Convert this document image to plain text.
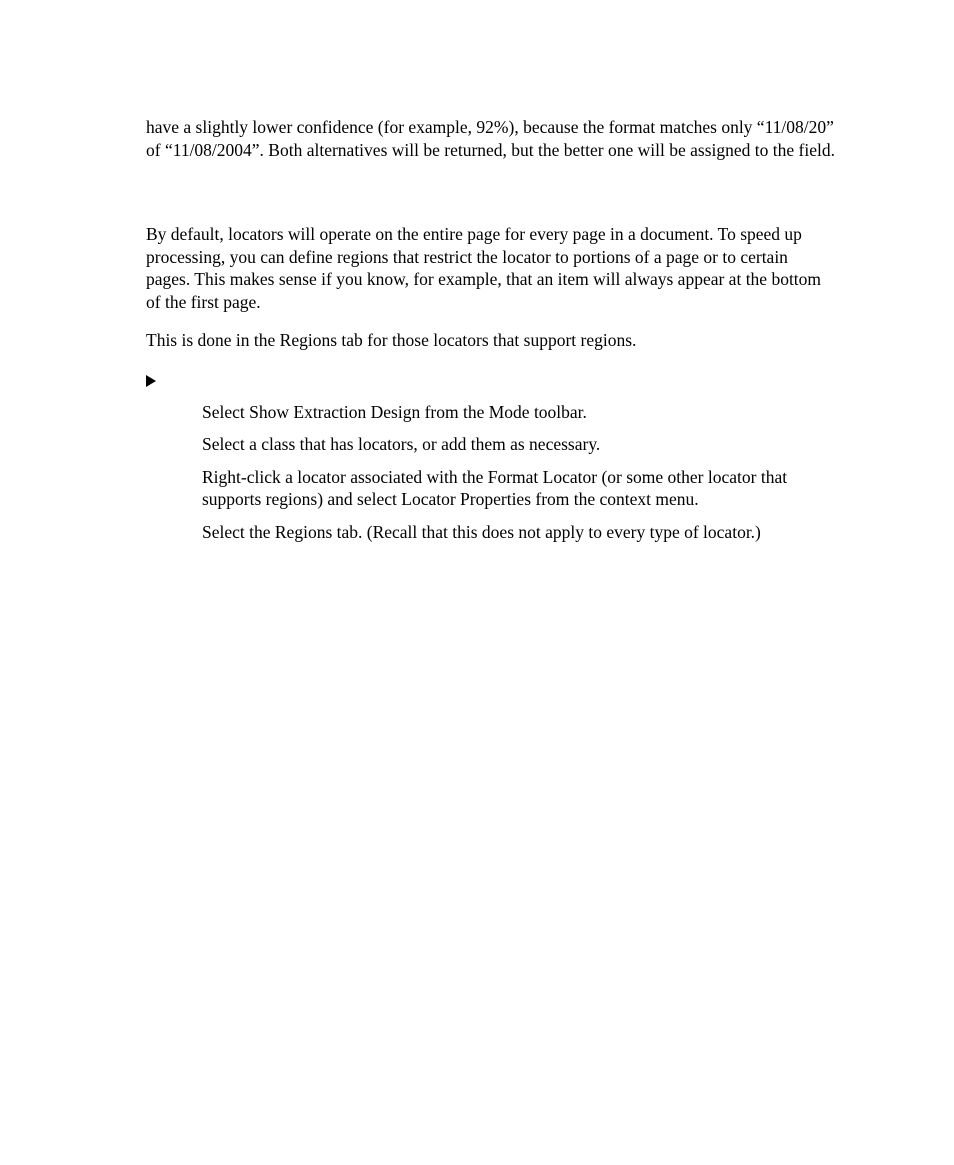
have a slightly lower confidence (for example, 92%), because the format matches only “11/08/20” of “11/08/2004”. Both alternatives will be returned, but the better one will be assigned to the field.

By default, locators will operate on the entire page for every page in a document. To speed up processing, you can define regions that restrict the locator to portions of a page or to certain pages. This makes sense if you know, for example, that an item will always appear at the bottom of the first page.

This is done in the Regions tab for those locators that support regions.

Select Show Extraction Design from the Mode toolbar.
Select a class that has locators, or add them as necessary.
Right-click a locator associated with the Format Locator (or some other locator that supports regions) and select Locator Properties from the context menu.
Select the Regions tab. (Recall that this does not apply to every type of locator.)
